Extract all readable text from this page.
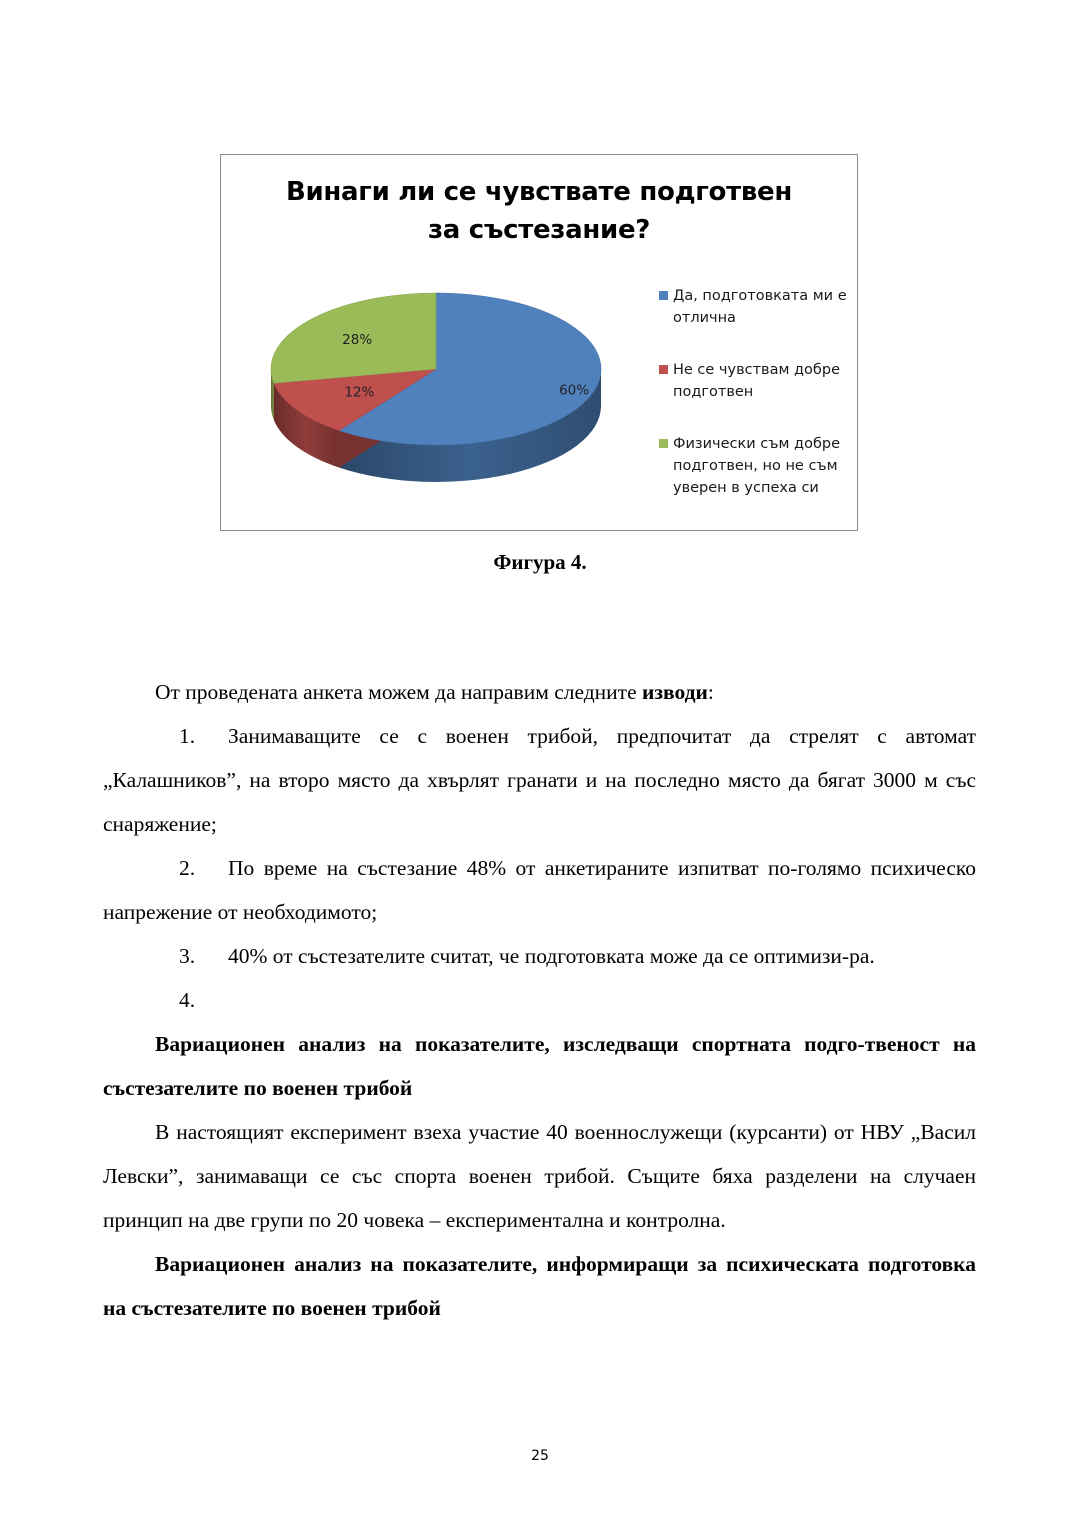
Винаги ли се чувствате подготвен
за състезание?
60%
12%
28%
Да, подготовката ми е
отлична
Не се чувствам добре
подготвен
Физически съм добре
подготвен, но не съм
уверен в успеха си
Фигура 4.

От проведената анкета можем да направим следните изводи:

1. Занимаващите се с военен трибой, предпочитат да стрелят с автомат „Калашников”, на второ място да хвърлят гранати и на последно място да бягат 3000 м със снаряжение;

2. По време на състезание 48% от анкетираните изпитват по-голямо психическо напрежение от необходимото;

3. 40% от състезателите считат, че подготовката може да се оптимизи-ра.

4.

Вариационен анализ на показателите, изследващи спортната подго-твеност на състезателите по военен трибой

В настоящият експеримент взеха участие 40 военнослужещи (курсанти) от НВУ „Васил Левски”, занимаващи се със спорта военен трибой. Същите бяха разделени на случаен принцип на две групи по 20 човека – експериментална и контролна.

Вариационен анализ на показателите, информиращи за психическата подготовка на състезателите по военен трибой

25
